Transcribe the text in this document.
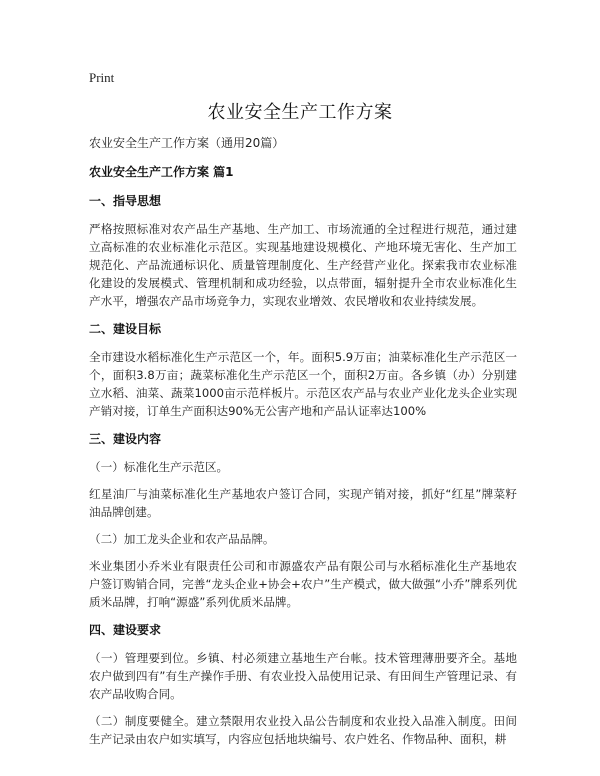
Print
农业安全生产工作方案
农业安全生产工作方案（通用20篇）
农业安全生产工作方案 篇1
一、指导思想

严格按照标准对农产品生产基地、生产加工、市场流通的全过程进行规范，通过建立高标准的农业标准化示范区。实现基地建设规模化、产地环境无害化、生产加工规范化、产品流通标识化、质量管理制度化、生产经营产业化。探索我市农业标准化建设的发展模式、管理机制和成功经验，以点带面，辐射提升全市农业标准化生产水平，增强农产品市场竞争力，实现农业增效、农民增收和农业持续发展。

二、建设目标

全市建设水稻标准化生产示范区一个，年。面积5.9万亩；油菜标准化生产示范区一个，面积3.8万亩；蔬菜标准化生产示范区一个，面积2万亩。各乡镇（办）分别建立水稻、油菜、蔬菜1000亩示范样板片。示范区农产品与农业产业化龙头企业实现产销对接，订单生产面积达90%无公害产地和产品认证率达100%

三、建设内容

（一）标准化生产示范区。

红星油厂与油菜标准化生产基地农户签订合同，实现产销对接，抓好“红星”牌菜籽油品牌创建。

（二）加工龙头企业和农产品品牌。

米业集团小乔米业有限责任公司和市源盛农产品有限公司与水稻标准化生产基地农户签订购销合同，完善“龙头企业+协会+农户”生产模式，做大做强“小乔”牌系列优质米品牌，打响“源盛”系列优质米品牌。

四、建设要求

（一）管理要到位。乡镇、村必须建立基地生产台帐。技术管理薄册要齐全。基地农户做到四有”有生产操作手册、有农业投入品使用记录、有田间生产管理记录、有农产品收购合同。

（二）制度要健全。建立禁限用农业投入品公告制度和农业投入品准入制度。田间生产记录由农户如实填写，内容应包括地块编号、农户姓名、作物品种、面积，耕
